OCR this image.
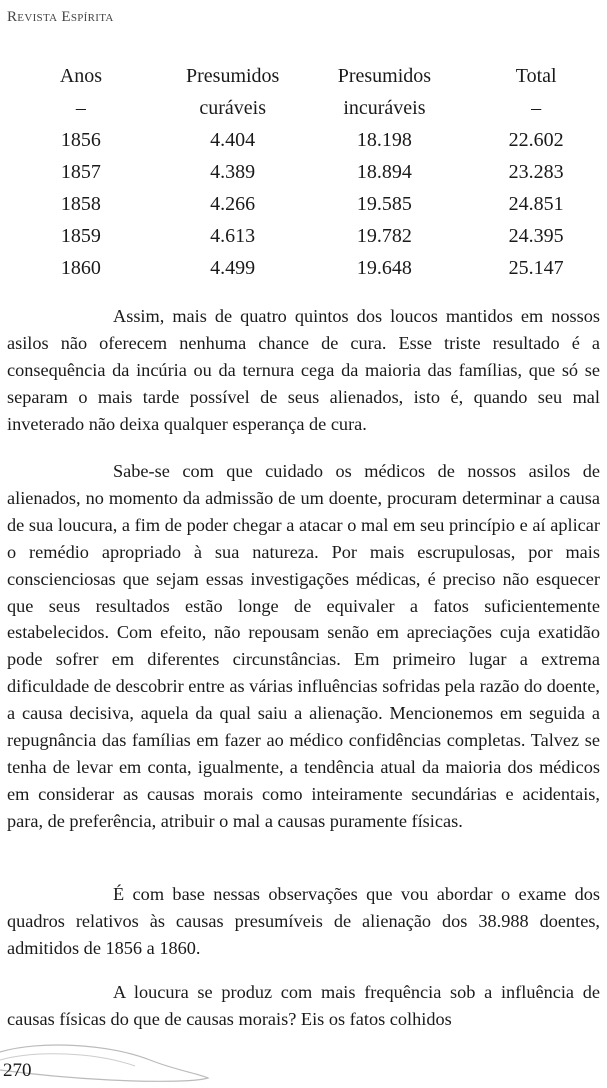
Revista Espírita
Anos	Presumidos	Presumidos	Total
–	curáveis	incuráveis	–
1856	4.404	18.198	22.602
1857	4.389	18.894	23.283
1858	4.266	19.585	24.851
1859	4.613	19.782	24.395
1860	4.499	19.648	25.147

Assim, mais de quatro quintos dos loucos mantidos em nossos asilos não oferecem nenhuma chance de cura. Esse triste resultado é a consequência da incúria ou da ternura cega da maioria das famílias, que só se separam o mais tarde possível de seus alienados, isto é, quando seu mal inveterado não deixa qualquer esperança de cura.

Sabe-se com que cuidado os médicos de nossos asilos de alienados, no momento da admissão de um doente, procuram determinar a causa de sua loucura, a fim de poder chegar a atacar o mal em seu princípio e aí aplicar o remédio apropriado à sua natureza. Por mais escrupulosas, por mais conscienciosas que sejam essas investigações médicas, é preciso não esquecer que seus resultados estão longe de equivaler a fatos suficientemente estabelecidos. Com efeito, não repousam senão em apreciações cuja exatidão pode sofrer em diferentes circunstâncias. Em primeiro lugar a extrema dificuldade de descobrir entre as várias influências sofridas pela razão do doente, a causa decisiva, aquela da qual saiu a alienação. Mencionemos em seguida a repugnância das famílias em fazer ao médico confidências completas. Talvez se tenha de levar em conta, igualmente, a tendência atual da maioria dos médicos em considerar as causas morais como inteiramente secundárias e acidentais, para, de preferência, atribuir o mal a causas puramente físicas.

É com base nessas observações que vou abordar o exame dos quadros relativos às causas presumíveis de alienação dos 38.988 doentes, admitidos de 1856 a 1860.

A loucura se produz com mais frequência sob a influência de causas físicas do que de causas morais? Eis os fatos colhidos

270
